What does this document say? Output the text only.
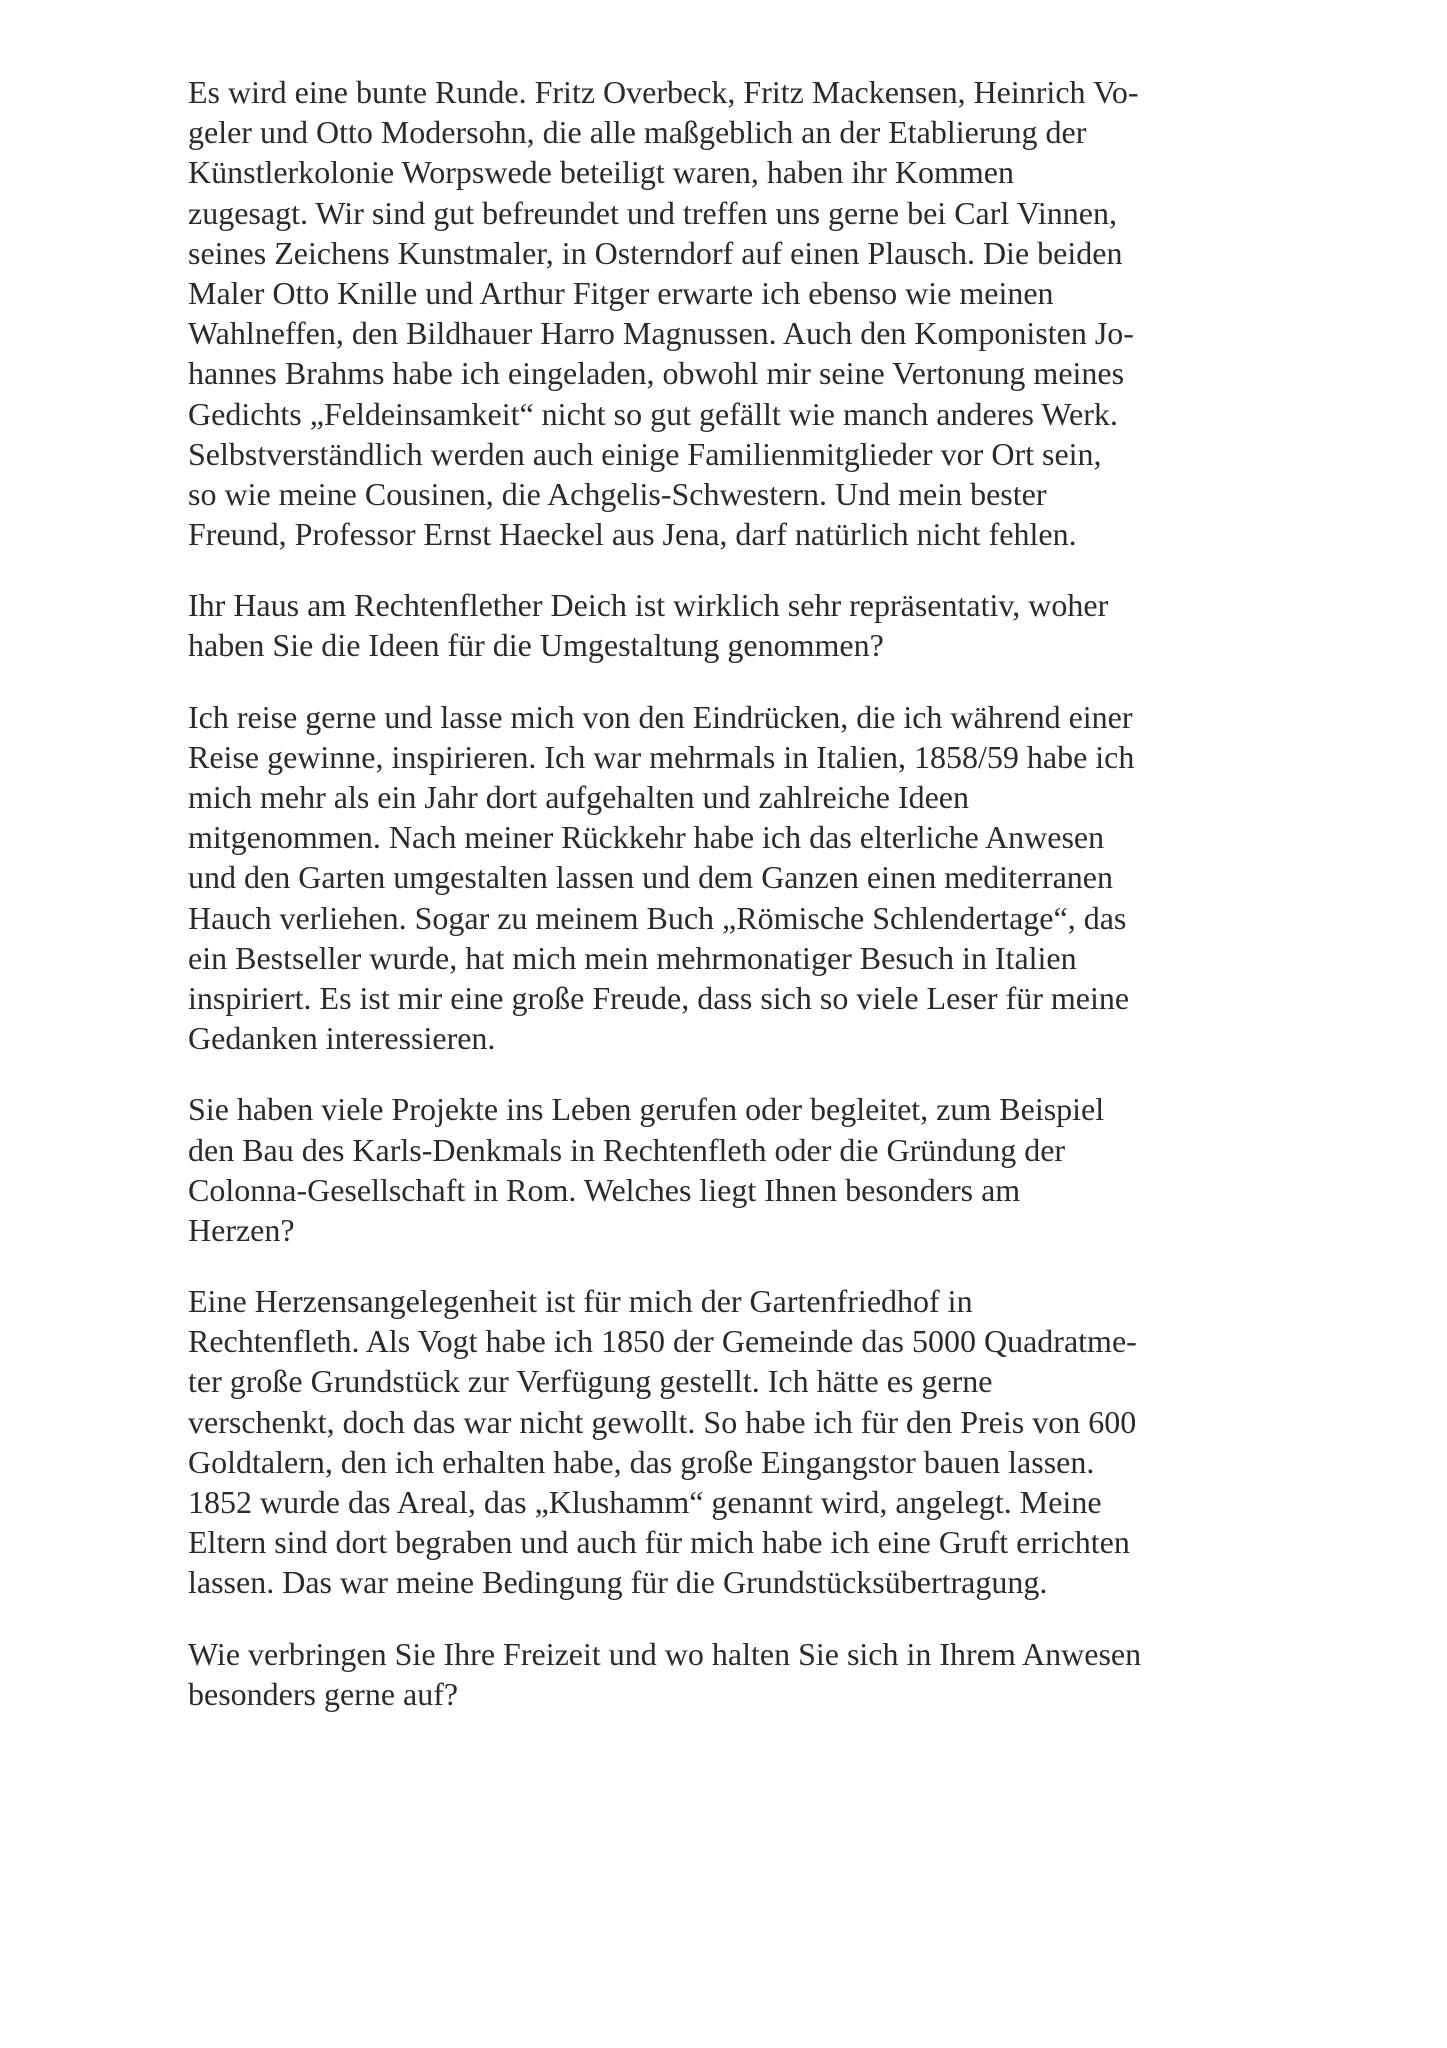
Es wird eine bunte Runde. Fritz Overbeck, Fritz Mackensen, Heinrich Vo-
geler und Otto Modersohn, die alle maßgeblich an der Etablierung der
Künstlerkolonie Worpswede beteiligt waren, haben ihr Kommen
zugesagt. Wir sind gut befreundet und treffen uns gerne bei Carl Vinnen,
seines Zeichens Kunstmaler, in Osterndorf auf einen Plausch. Die beiden
Maler Otto Knille und Arthur Fitger erwarte ich ebenso wie meinen
Wahlneffen, den Bildhauer Harro Magnussen. Auch den Komponisten Jo-
hannes Brahms habe ich eingeladen, obwohl mir seine Vertonung meines
Gedichts „Feldeinsamkeit“ nicht so gut gefällt wie manch anderes Werk.
Selbstverständlich werden auch einige Familienmitglieder vor Ort sein,
so wie meine Cousinen, die Achgelis-Schwestern. Und mein bester
Freund, Professor Ernst Haeckel aus Jena, darf natürlich nicht fehlen.
Ihr Haus am Rechtenflether Deich ist wirklich sehr repräsentativ, woher
haben Sie die Ideen für die Umgestaltung genommen?
Ich reise gerne und lasse mich von den Eindrücken, die ich während einer
Reise gewinne, inspirieren. Ich war mehrmals in Italien, 1858/59 habe ich
mich mehr als ein Jahr dort aufgehalten und zahlreiche Ideen
mitgenommen. Nach meiner Rückkehr habe ich das elterliche Anwesen
und den Garten umgestalten lassen und dem Ganzen einen mediterranen
Hauch verliehen. Sogar zu meinem Buch „Römische Schlendertage“, das
ein Bestseller wurde, hat mich mein mehrmonatiger Besuch in Italien
inspiriert. Es ist mir eine große Freude, dass sich so viele Leser für meine
Gedanken interessieren.
Sie haben viele Projekte ins Leben gerufen oder begleitet, zum Beispiel
den Bau des Karls-Denkmals in Rechtenfleth oder die Gründung der
Colonna-Gesellschaft in Rom. Welches liegt Ihnen besonders am
Herzen?
Eine Herzensangelegenheit ist für mich der Gartenfriedhof in
Rechtenfleth. Als Vogt habe ich 1850 der Gemeinde das 5000 Quadratme-
ter große Grundstück zur Verfügung gestellt. Ich hätte es gerne
verschenkt, doch das war nicht gewollt. So habe ich für den Preis von 600
Goldtalern, den ich erhalten habe, das große Eingangstor bauen lassen.
1852 wurde das Areal, das „Klushamm“ genannt wird, angelegt. Meine
Eltern sind dort begraben und auch für mich habe ich eine Gruft errichten
lassen. Das war meine Bedingung für die Grundstücksübertragung.
Wie verbringen Sie Ihre Freizeit und wo halten Sie sich in Ihrem Anwesen
besonders gerne auf?
